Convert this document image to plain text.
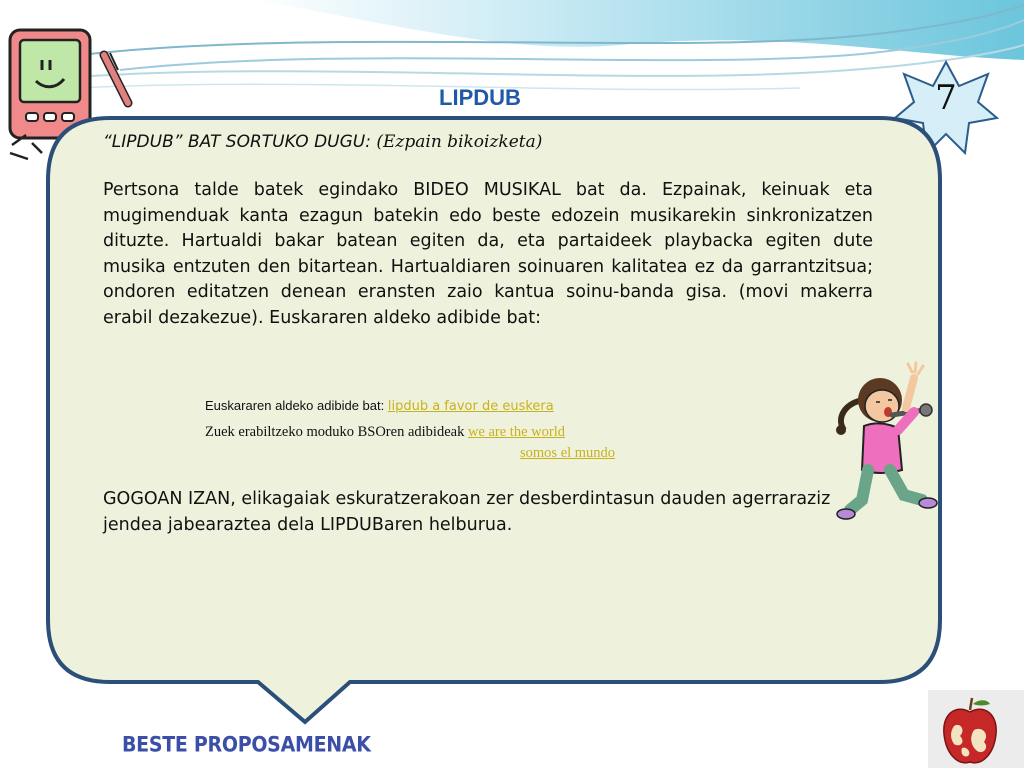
7
LIPDUB

“LIPDUB” BAT SORTUKO DUGU: (Ezpain bikoizketa)

Pertsona talde batek egindako BIDEO MUSIKAL bat da. Ezpainak, keinuak eta mugimenduak kanta ezagun batekin edo beste edozein musikarekin sinkronizatzen dituzte. Hartualdi bakar batean egiten da, eta partaideek playbacka egiten dute musika entzuten den bitartean. Hartualdiaren soinuaren kalitatea ez da garrantzitsua; ondoren editatzen denean eransten zaio kantua soinu-banda gisa. (movi makerra erabil dezakezue). Euskararen aldeko adibide bat:

Euskararen aldeko adibide bat: lipdub a favor de euskera
Zuek erabiltzeko moduko BSOren adibideak we are the world
somos el mundo
GOGOAN IZAN, elikagaiak eskuratzerakoan zer desberdintasun dauden agerraraziz jendea jabearaztea dela LIPDUBaren helburua.
BESTE PROPOSAMENAK
